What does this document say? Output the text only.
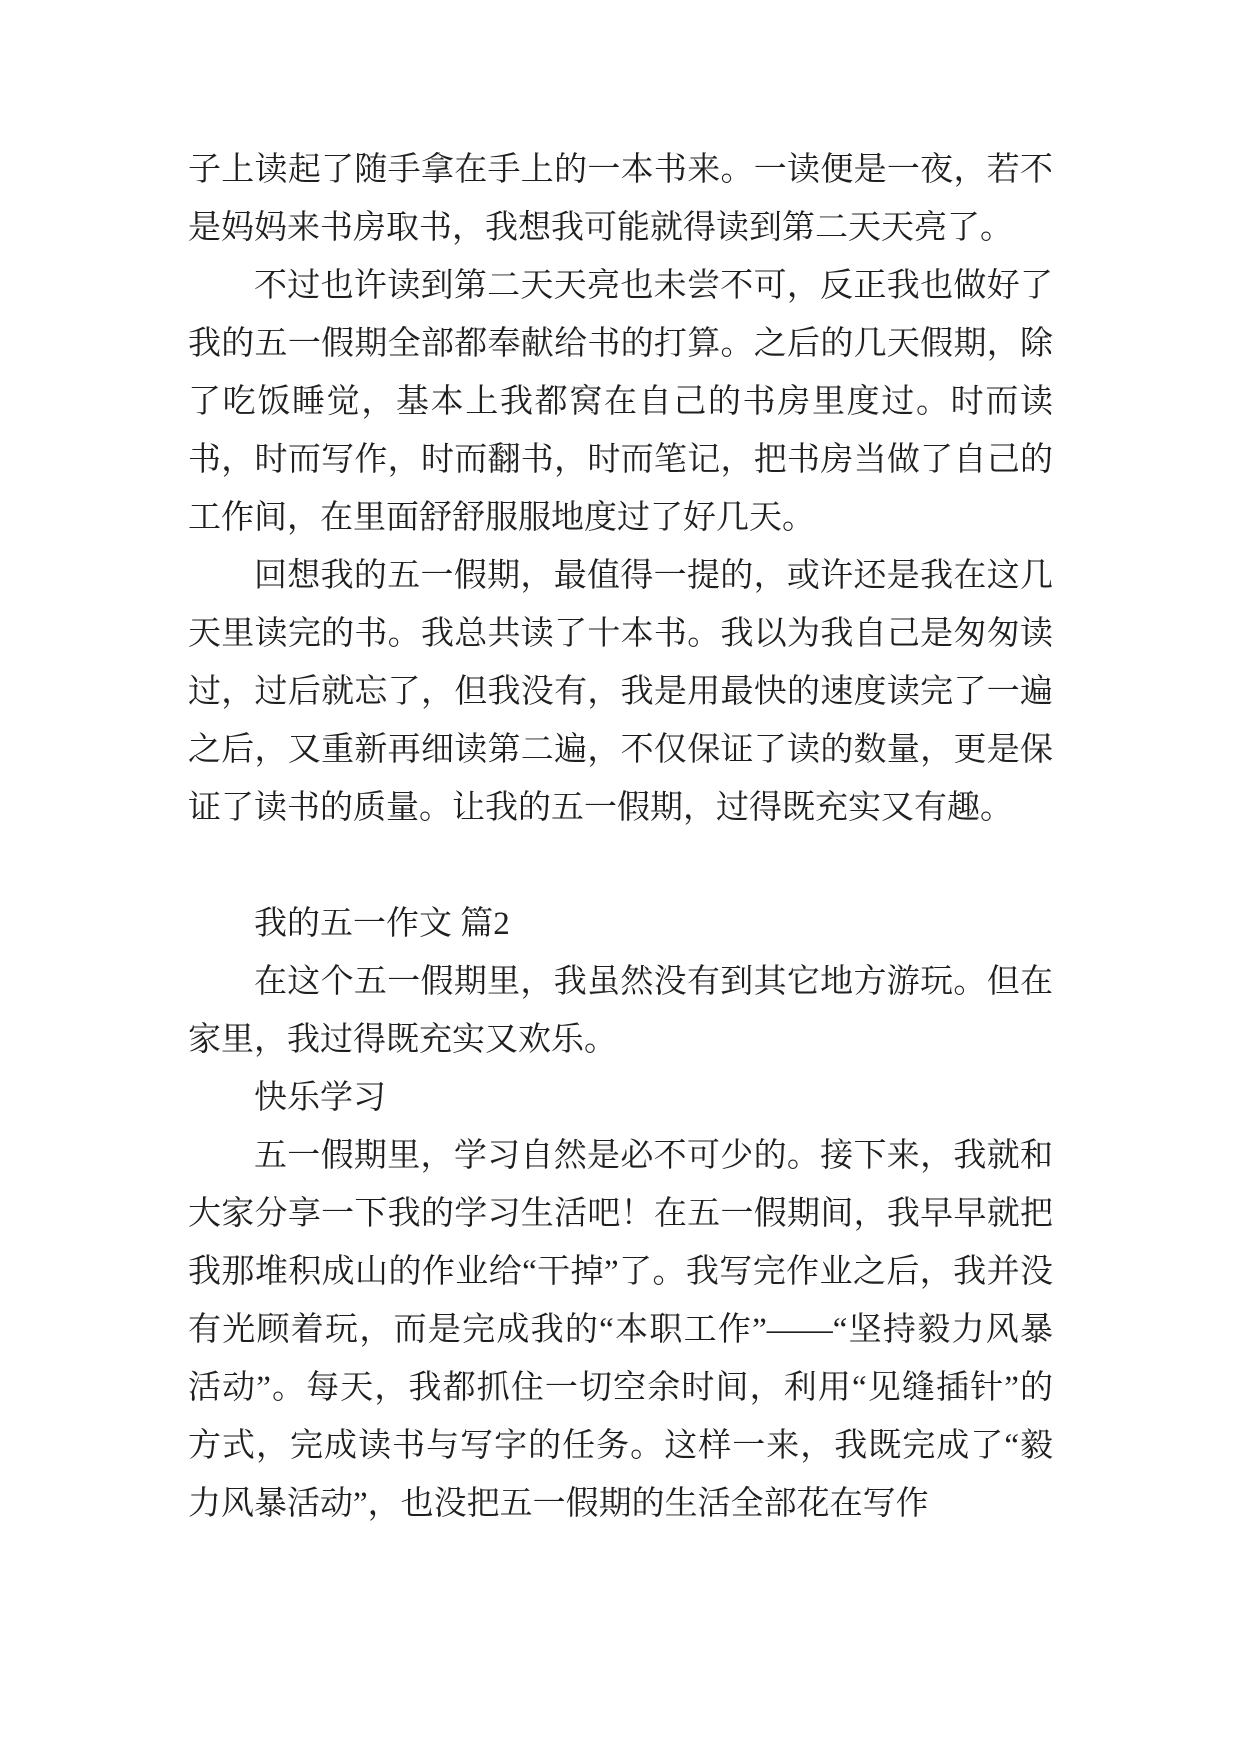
子上读起了随手拿在手上的一本书来。一读便是一夜，若不是妈妈来书房取书，我想我可能就得读到第二天天亮了。

不过也许读到第二天天亮也未尝不可，反正我也做好了我的五一假期全部都奉献给书的打算。之后的几天假期，除了吃饭睡觉，基本上我都窝在自己的书房里度过。时而读书，时而写作，时而翻书，时而笔记，把书房当做了自己的工作间，在里面舒舒服服地度过了好几天。

回想我的五一假期，最值得一提的，或许还是我在这几天里读完的书。我总共读了十本书。我以为我自己是匆匆读过，过后就忘了，但我没有，我是用最快的速度读完了一遍之后，又重新再细读第二遍，不仅保证了读的数量，更是保证了读书的质量。让我的五一假期，过得既充实又有趣。

我的五一作文 篇2

在这个五一假期里，我虽然没有到其它地方游玩。但在家里，我过得既充实又欢乐。

快乐学习

五一假期里，学习自然是必不可少的。接下来，我就和大家分享一下我的学习生活吧！在五一假期间，我早早就把我那堆积成山的作业给“干掉”了。我写完作业之后，我并没有光顾着玩，而是完成我的“本职工作”——“坚持毅力风暴活动”。每天，我都抓住一切空余时间，利用“见缝插针”的方式，完成读书与写字的任务。这样一来，我既完成了“毅力风暴活动”，也没把五一假期的生活全部花在写作
